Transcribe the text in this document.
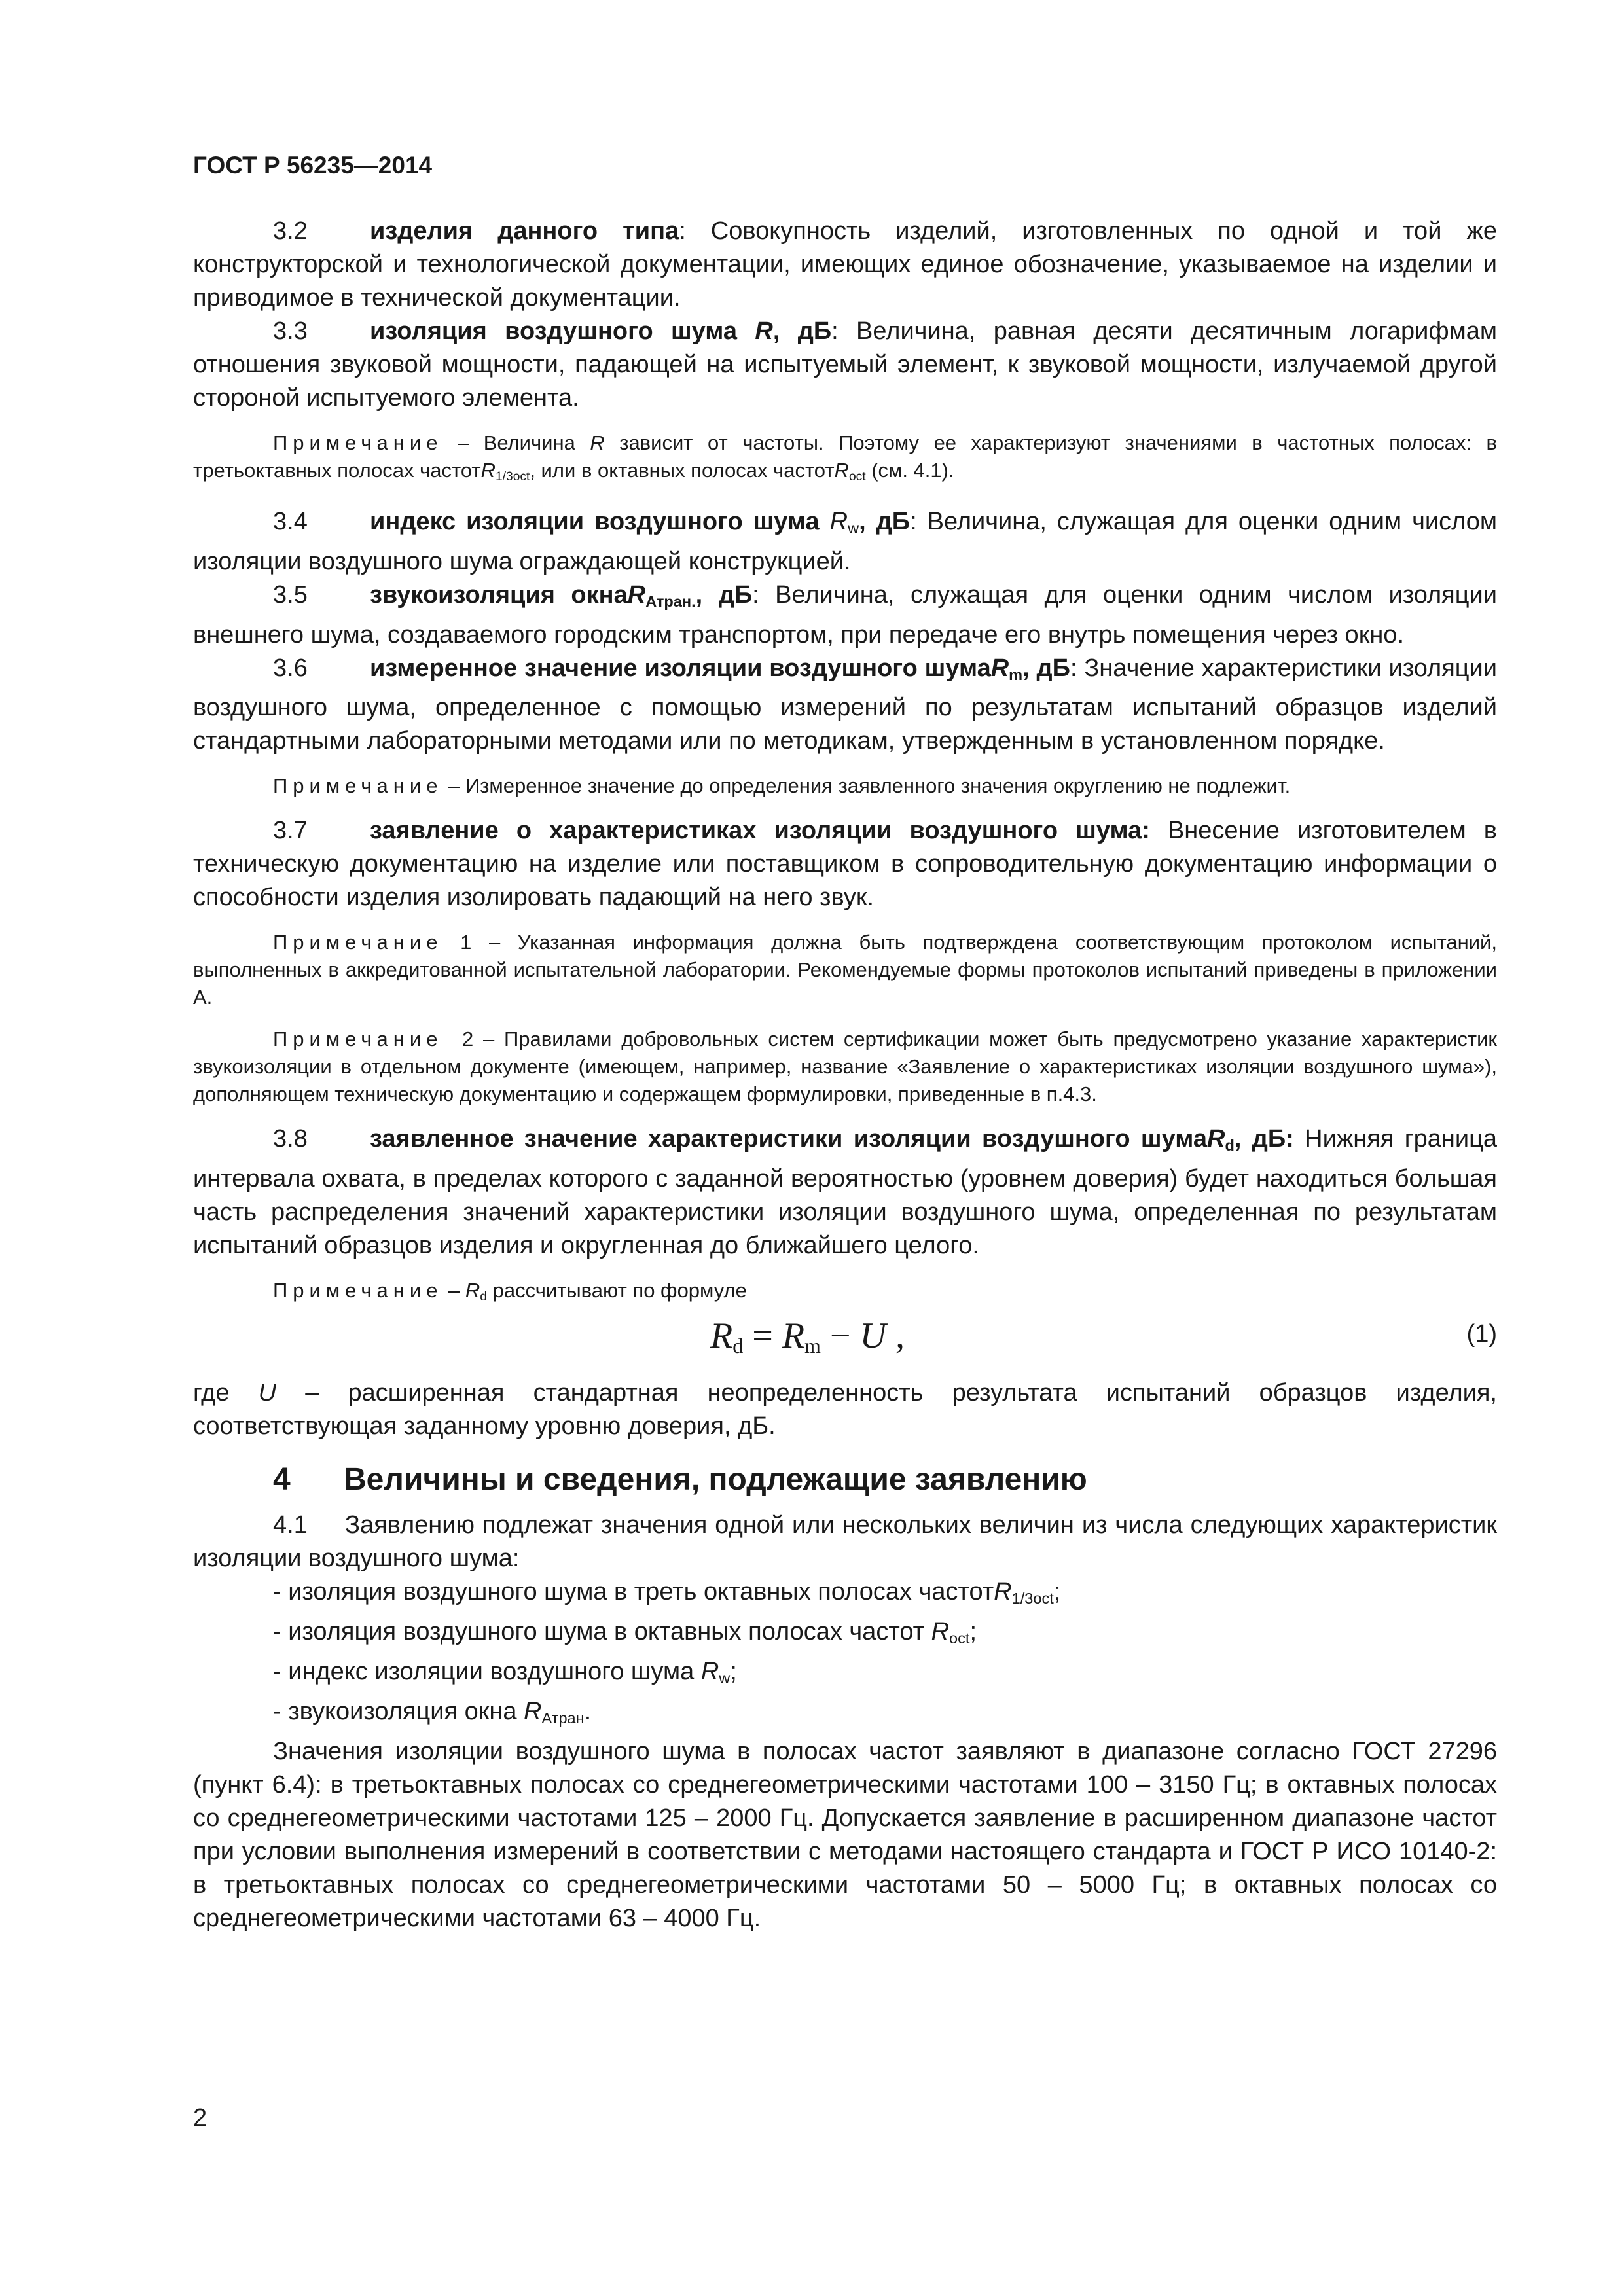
ГОСТ Р 56235—2014

3.2	изделия данного типа: Совокупность изделий, изготовленных по одной и той же конструкторской и технологической документации, имеющих единое обозначение, указываемое на изделии и приводимое в технической документации.

3.3	изоляция воздушного шума R, дБ: Величина, равная десяти десятичным логарифмам отношения звуковой мощности, падающей на испытуемый элемент, к звуковой мощности, излучаемой другой стороной испытуемого элемента.

Примечание – Величина R зависит от частоты. Поэтому ее характеризуют значениями в частотных полосах: в третьоктавных полосах частотR$_{1/3oct}$, или в октавных полосах частотR$_{oct}$ (см. 4.1).

3.4	индекс изоляции воздушного шума $R_w$, дБ: Величина, служащая для оценки одним числом изоляции воздушного шума ограждающей конструкцией.

3.5	звукоизоляция окнаR$_{Атран.}$, дБ: Величина, служащая для оценки одним числом изоляции внешнего шума, создаваемого городским транспортом, при передаче его внутрь помещения через окно.

3.6	измеренное значение изоляции воздушного шумаR$_m$, дБ: Значение характеристики изоляции воздушного шума, определенное с помощью измерений по результатам испытаний образцов изделий стандартными лабораторными методами или по методикам, утвержденным в установленном порядке.

Примечание – Измеренное значение до определения заявленного значения округлению не подлежит.

3.7	заявление о характеристиках изоляции воздушного шума: Внесение изготовителем в техническую документацию на изделие или поставщиком в сопроводительную документацию информации о способности изделия изолировать падающий на него звук.

Примечание 1 – Указанная информация должна быть подтверждена соответствующим протоколом испытаний, выполненных в аккредитованной испытательной лаборатории. Рекомендуемые формы протоколов испытаний приведены в приложении А.

Примечание  2 – Правилами добровольных систем сертификации может быть предусмотрено указание характеристик звукоизоляции в отдельном документе (имеющем, например, название «Заявление о характеристиках изоляции воздушного шума»), дополняющем техническую документацию и содержащем формулировки, приведенные в п.4.3.

3.8	заявленное значение характеристики изоляции воздушного шумаR$_d$, дБ: Нижняя граница интервала охвата, в пределах которого с заданной вероятностью (уровнем доверия) будет находиться большая часть распределения значений характеристики изоляции воздушного шума, определенная по результатам испытаний образцов изделия и округленная до ближайшего целого.

Примечание – $R_d$ рассчитывают по формуле

$R_d = R_m - U$ ,	(1)

где U – расширенная стандартная неопределенность результата испытаний образцов изделия, соответствующая заданному уровню доверия, дБ.

4 Величины и сведения, подлежащие заявлению

4.1 Заявлению подлежат значения одной или нескольких величин из числа следующих характеристик изоляции воздушного шума:

- изоляция воздушного шума в треть октавных полосах частотR$_{1/3oct}$;
- изоляция воздушного шума в октавных полосах частот $R_{oct}$;
- индекс изоляции воздушного шума $R_w$;
- звукоизоляция окна $R_{Атран}$.

Значения изоляции воздушного шума в полосах частот заявляют в диапазоне согласно ГОСТ 27296 (пункт 6.4): в третьоктавных полосах со среднегеометрическими частотами 100 – 3150 Гц; в октавных полосах со среднегеометрическими частотами 125 – 2000 Гц. Допускается заявление в расширенном диапазоне частот при условии выполнения измерений в соответствии с методами настоящего стандарта и ГОСТ Р ИСО 10140-2: в третьоктавных полосах со среднегеометрическими частотами 50 – 5000 Гц; в октавных полосах со среднегеометрическими частотами 63 – 4000 Гц.

2
